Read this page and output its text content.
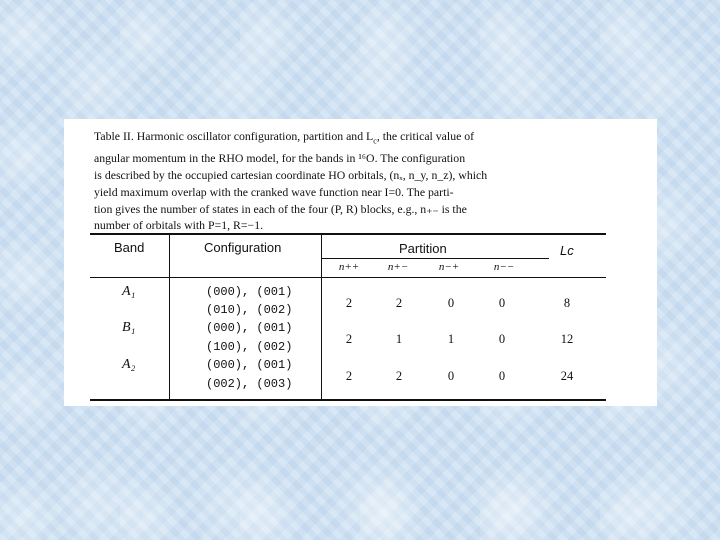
Table II. Harmonic oscillator configuration, partition and $L_c$, the critical value of
angular momentum in the RHO model, for the bands in ¹⁶O. The configuration
is described by the occupied cartesian coordinate HO orbitals, (nₓ, n_y, n_z), which
yield maximum overlap with the cranked wave function near I=0. The parti-
tion gives the number of states in each of the four (P, R) blocks, e.g., n₊₋ is the
number of orbitals with P=1, R=−1.
Band	Configuration	Partition	Lc
n++	n+−	n−+	n−−
A₁	(000), (001)
(010), (002)	2	2	0	0	8
B₁	(000), (001)
(100), (002)
2	1	1	0	12
A₂	(000), (001)
(002), (003)
2	2	0	0	24
